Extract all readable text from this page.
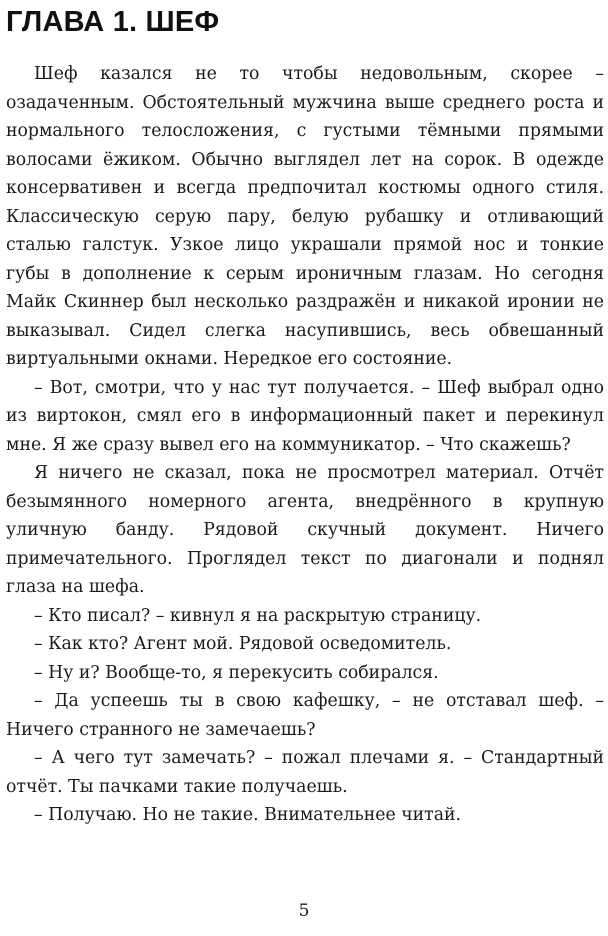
ГЛАВА 1. ШЕФ

Шеф казался не то чтобы недовольным, скорее – озадаченным. Обстоятельный мужчина выше среднего роста и нормального телосложения, с густыми тёмными прямыми волосами ёжиком. Обычно выглядел лет на сорок. В одежде консервативен и всегда предпочитал костюмы одного стиля. Классическую серую пару, белую рубашку и отливающий сталью галстук. Узкое лицо украшали прямой нос и тонкие губы в дополнение к серым ироничным глазам. Но сегодня Майк Скиннер был несколько раздражён и никакой иронии не выказывал. Сидел слегка насупившись, весь обвешанный виртуальными окнами. Нередкое его состояние.

– Вот, смотри, что у нас тут получается. – Шеф выбрал одно из виртокон, смял его в информационный пакет и перекинул мне. Я же сразу вывел его на коммуникатор. – Что скажешь?

Я ничего не сказал, пока не просмотрел материал. Отчёт безымянного номерного агента, внедрённого в крупную уличную банду. Рядовой скучный документ. Ничего примечательного. Проглядел текст по диагонали и поднял глаза на шефа.

– Кто писал? – кивнул я на раскрытую страницу.

– Как кто? Агент мой. Рядовой осведомитель.

– Ну и? Вообще-то, я перекусить собирался.

– Да успеешь ты в свою кафешку, – не отставал шеф. – Ничего странного не замечаешь?

– А чего тут замечать? – пожал плечами я. – Стандартный отчёт. Ты пачками такие получаешь.

– Получаю. Но не такие. Внимательнее читай.

5
